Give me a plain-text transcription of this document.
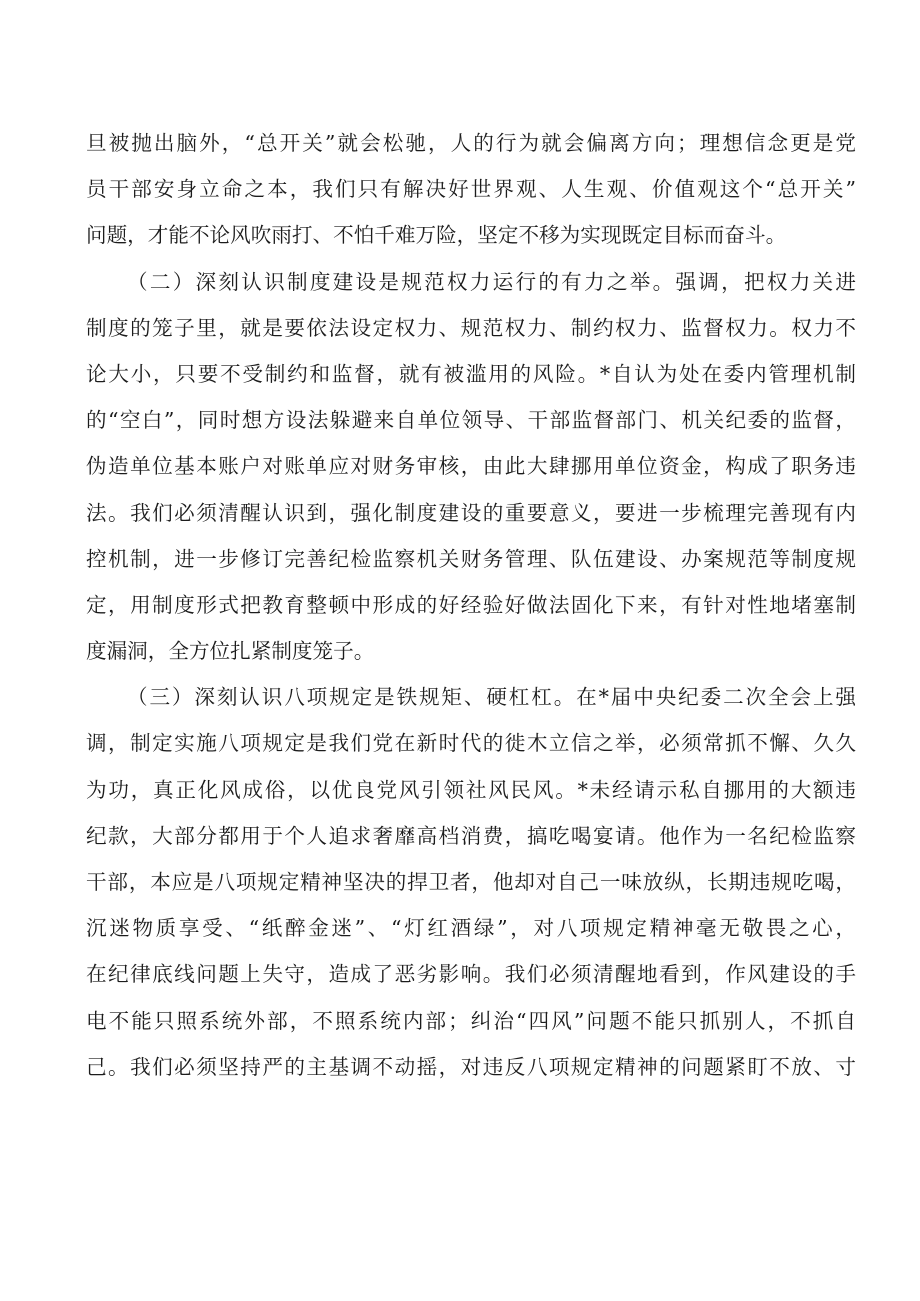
旦被抛出脑外，“总开关”就会松驰，人的行为就会偏离方向；理想信念更是党
员干部安身立命之本，我们只有解决好世界观、人生观、价值观这个“总开关”
问题，才能不论风吹雨打、不怕千难万险，坚定不移为实现既定目标而奋斗。
（二）深刻认识制度建设是规范权力运行的有力之举。强调，把权力关进
制度的笼子里，就是要依法设定权力、规范权力、制约权力、监督权力。权力不
论大小，只要不受制约和监督，就有被滥用的风险。*自认为处在委内管理机制
的“空白”，同时想方设法躲避来自单位领导、干部监督部门、机关纪委的监督，
伪造单位基本账户对账单应对财务审核，由此大肆挪用单位资金，构成了职务违
法。我们必须清醒认识到，强化制度建设的重要意义，要进一步梳理完善现有内
控机制，进一步修订完善纪检监察机关财务管理、队伍建设、办案规范等制度规
定，用制度形式把教育整顿中形成的好经验好做法固化下来，有针对性地堵塞制
度漏洞，全方位扎紧制度笼子。
（三）深刻认识八项规定是铁规矩、硬杠杠。在*届中央纪委二次全会上强
调，制定实施八项规定是我们党在新时代的徙木立信之举，必须常抓不懈、久久
为功，真正化风成俗，以优良党风引领社风民风。*未经请示私自挪用的大额违
纪款，大部分都用于个人追求奢靡高档消费，搞吃喝宴请。他作为一名纪检监察
干部，本应是八项规定精神坚决的捍卫者，他却对自己一味放纵，长期违规吃喝，
沉迷物质享受、“纸醉金迷”、“灯红酒绿”，对八项规定精神毫无敬畏之心，
在纪律底线问题上失守，造成了恶劣影响。我们必须清醒地看到，作风建设的手
电不能只照系统外部，不照系统内部；纠治“四风”问题不能只抓别人，不抓自
己。我们必须坚持严的主基调不动摇，对违反八项规定精神的问题紧盯不放、寸
